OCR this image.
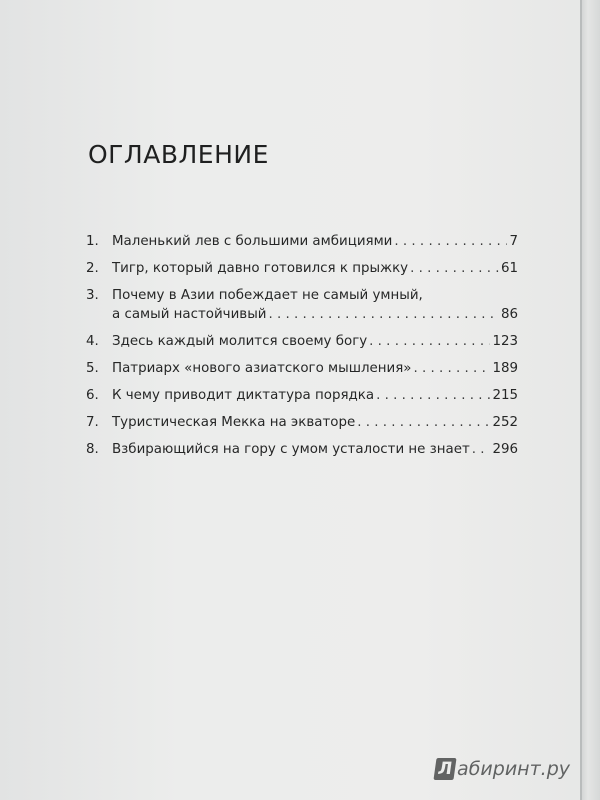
ОГЛАВЛЕНИЕ
1. Маленький лев с большими амбициями . . .	7
2. Тигр, который давно готовился к прыжку . . .	61
3. Почему в Азии побеждает не самый умный,
а самый настойчивый . . .	86
4. Здесь каждый молится своему богу . . .	123
5. Патриарх «нового азиатского мышления» . . .	189
6. К чему приводит диктатура порядка . . .	215
7. Туристическая Мекка на экваторе . . .	252
8. Взбирающийся на гору с умом усталости не знает . . . 296
Л абиринт.ру
